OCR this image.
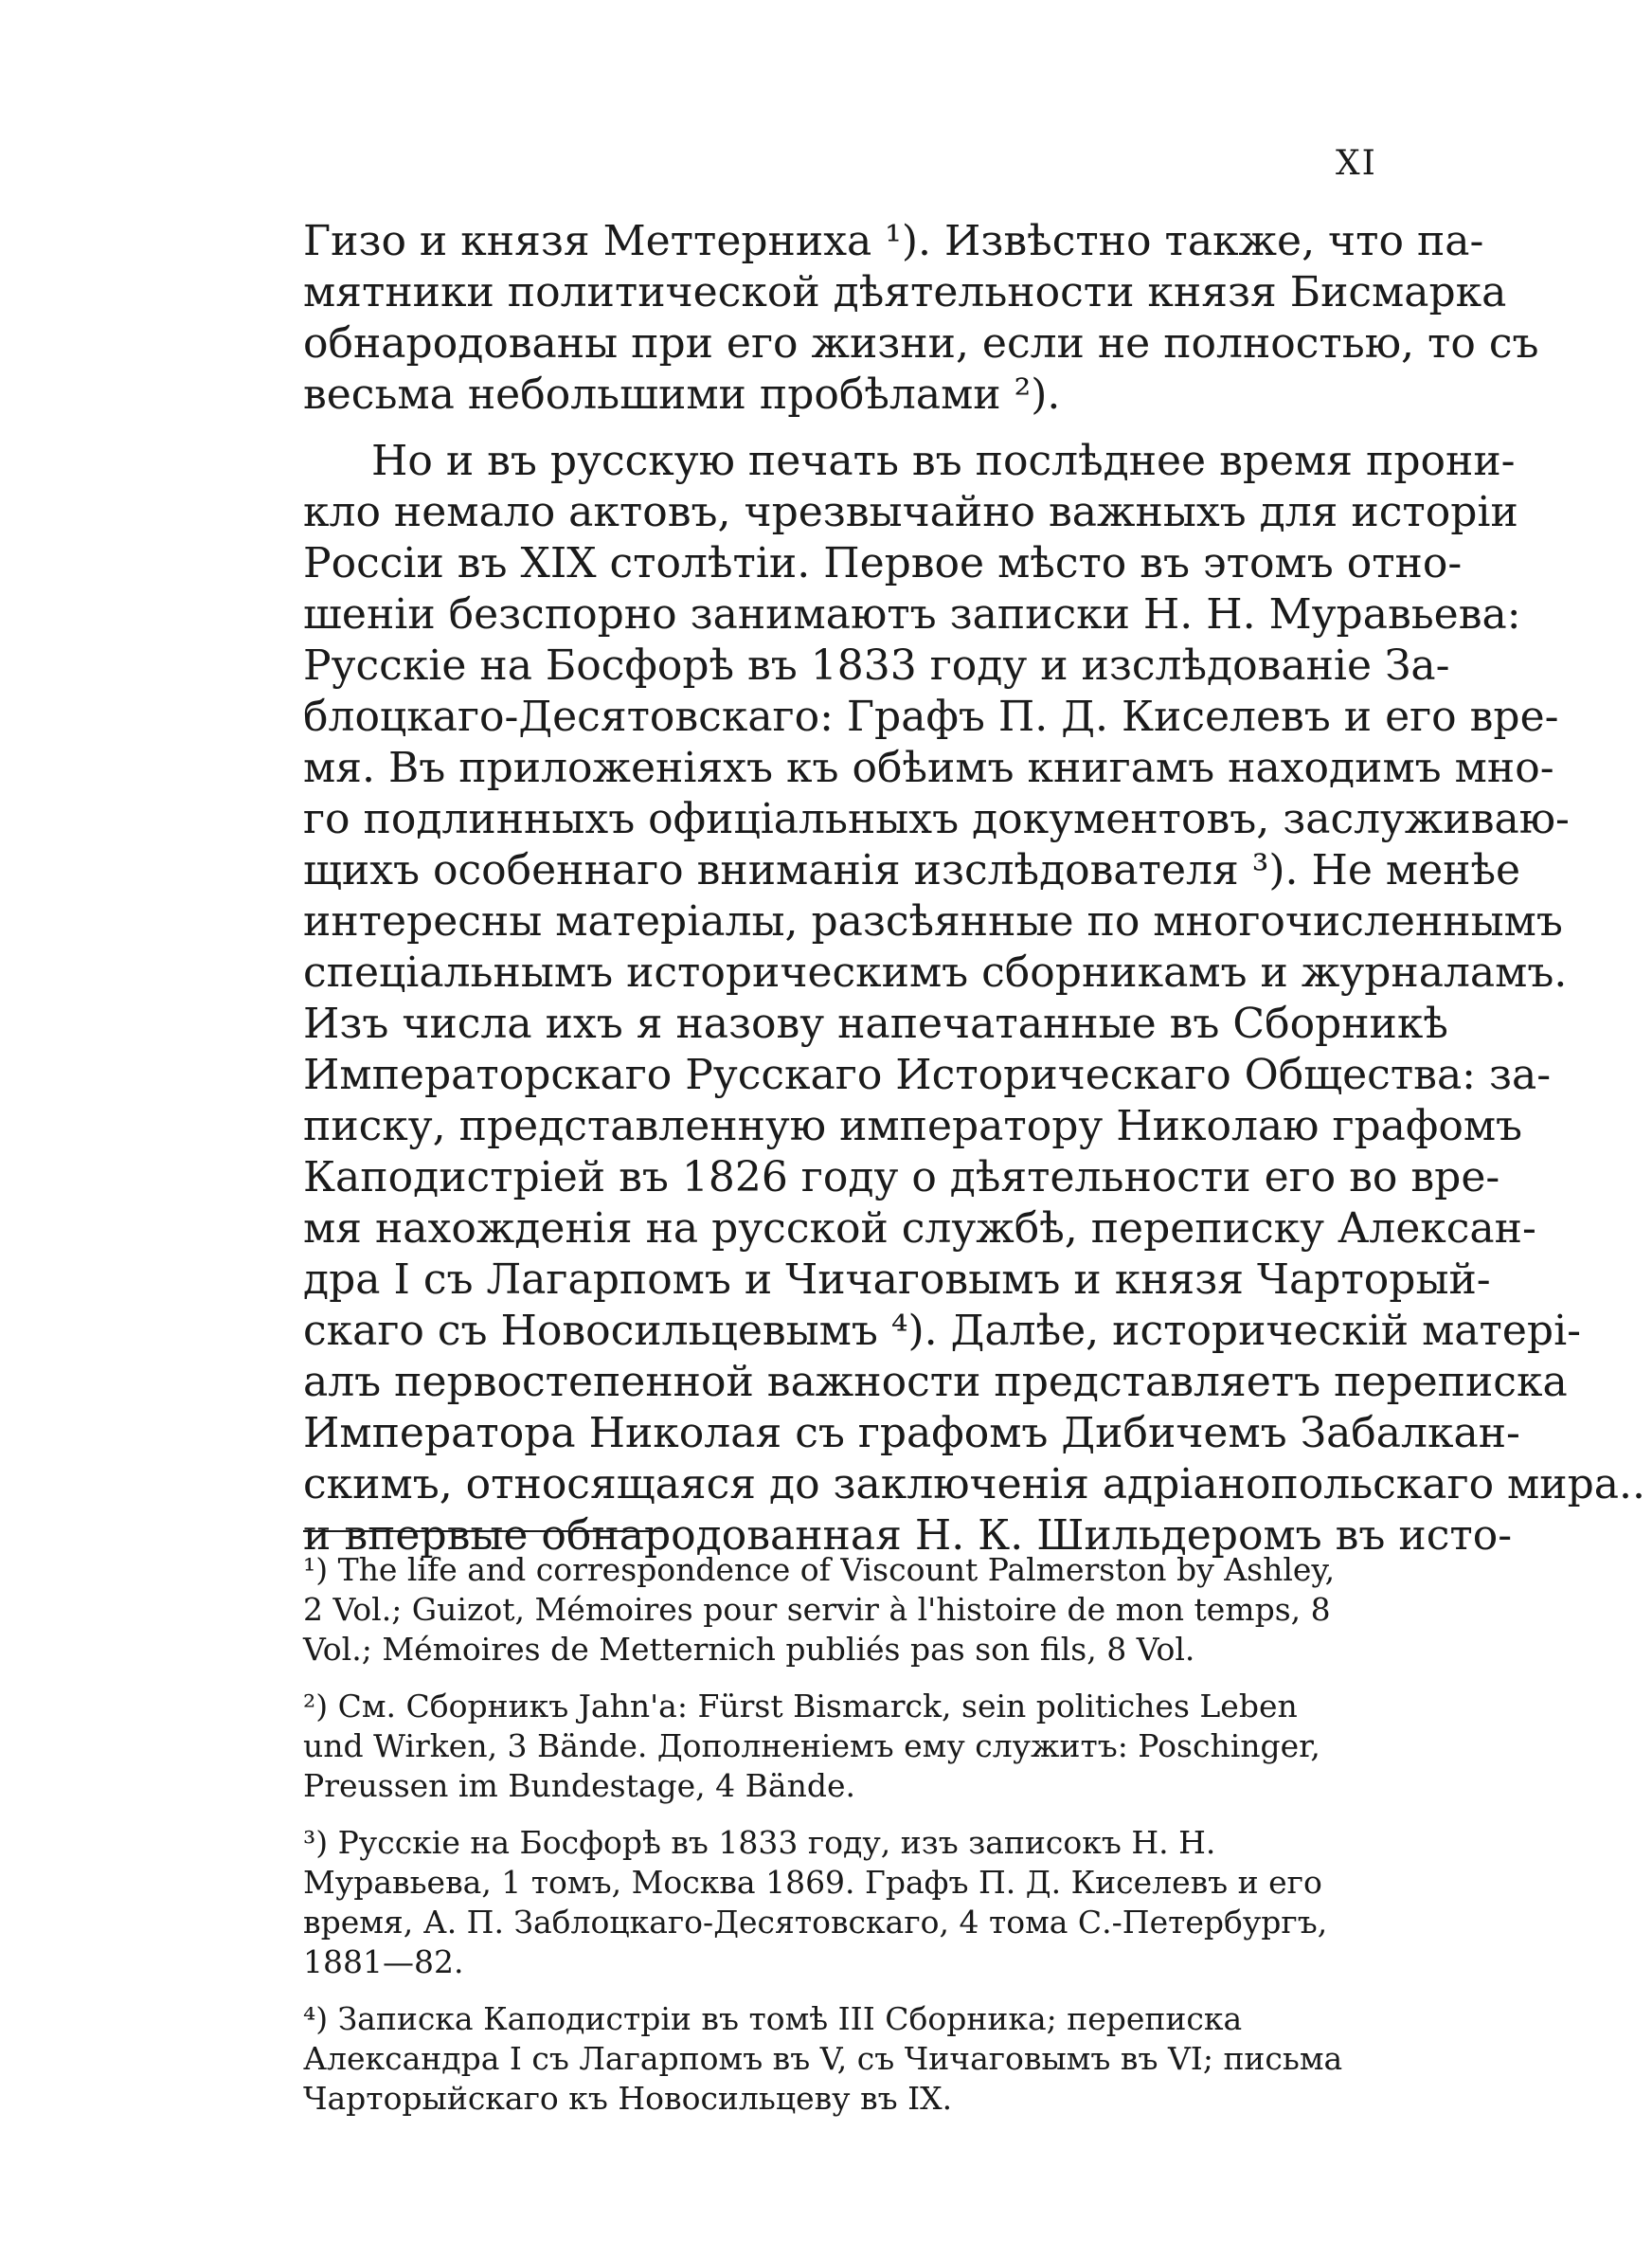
XI
Гизо и князя Меттерниха ¹). Извѣстно также, что па-
мятники политической дѣятельности князя Бисмарка
обнародованы при его жизни, если не полностью, то съ
весьма небольшими пробѣлами ²).
Но и въ русскую печать въ послѣднее время прони-
кло немало актовъ, чрезвычайно важныхъ для исторіи
Россіи въ XIX столѣтіи. Первое мѣсто въ этомъ отно-
шеніи безспорно занимаютъ записки Н. Н. Муравьева:
Русскіе на Босфорѣ въ 1833 году и изслѣдованіе За-
блоцкаго-Десятовскаго: Графъ П. Д. Киселевъ и его вре-
мя. Въ приложеніяхъ къ обѣимъ книгамъ находимъ мно-
го подлинныхъ офиціальныхъ документовъ, заслуживаю-
щихъ особеннаго вниманія изслѣдователя ³). Не менѣе
интересны матеріалы, разсѣянные по многочисленнымъ
спеціальнымъ историческимъ сборникамъ и журналамъ.
Изъ числа ихъ я назову напечатанные въ Сборникѣ
Императорскаго Русскаго Историческаго Общества: за-
писку, представленную императору Николаю графомъ
Каподистріей въ 1826 году о дѣятельности его во вре-
мя нахожденія на русской службѣ, переписку Алексан-
дра I съ Лагарпомъ и Чичаговымъ и князя Чарторый-
скаго съ Новосильцевымъ ⁴). Далѣе, историческій матері-
алъ первостепенной важности представляетъ переписка
Императора Николая съ графомъ Дибичемъ Забалкан-
скимъ, относящаяся до заключенія адріанопольскаго мира..
и впервые обнародованная Н. К. Шильдеромъ въ исто-
¹) The life and correspondence of Viscount Palmerston by Ashley, 2 Vol.; Guizot, Mémoires pour servir à l'histoire de mon temps, 8 Vol.; Mémoires de Metternich publiés pas son fils, 8 Vol.
²) См. Сборникъ Jahn'a: Fürst Bismarck, sein politiches Leben und Wirken, 3 Bände. Дополненіемъ ему служитъ: Poschinger, Preussen im Bundestage, 4 Bände.
³) Русскіе на Босфорѣ въ 1833 году, изъ записокъ Н. Н. Муравьева, 1 томъ, Москва 1869. Графъ П. Д. Киселевъ и его время, А. П. Заблоцкаго-Десятовскаго, 4 тома С.-Петербургъ, 1881—82.
⁴) Записка Каподистріи въ томѣ III Сборника; переписка Александра I съ Лагарпомъ въ V, съ Чичаговымъ въ VI; письма Чарторыйскаго къ Новосильцеву въ IX.
